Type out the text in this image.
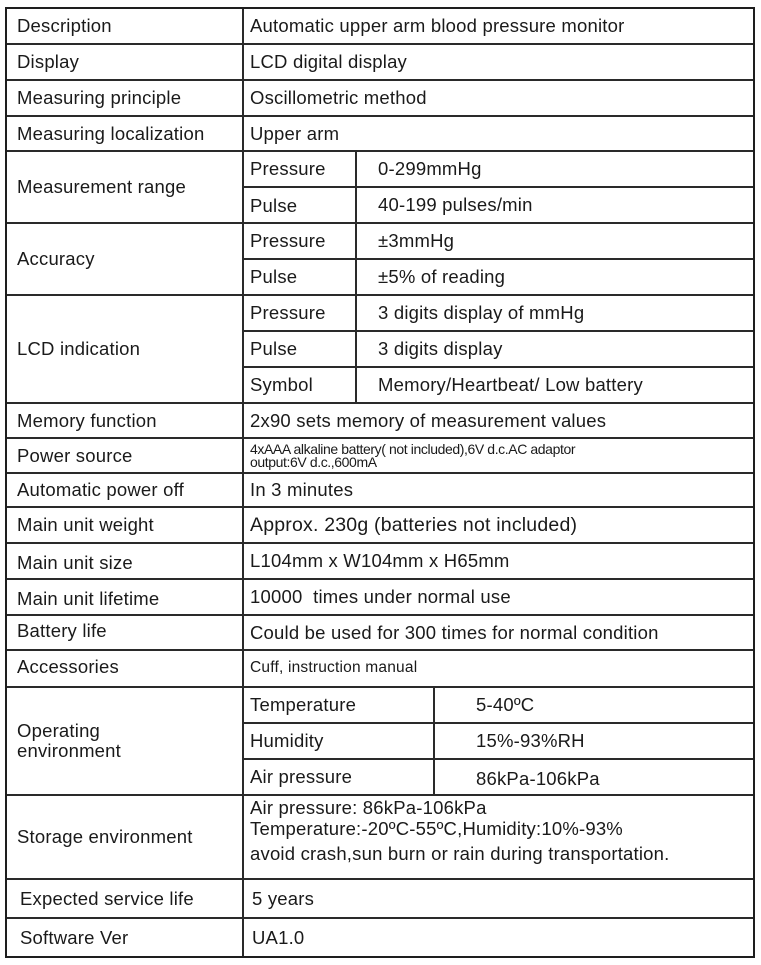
Description	Automatic upper arm blood pressure monitor
Display	LCD digital display
Measuring principle	Oscillometric method
Measuring localization Upper arm
Measurement range
Pressure	0-299mmHg
Pulse	40-199 pulses/min
Accuracy
Pressure	±3mmHg
Pulse	±5% of reading
LCD indication
Pressure	3 digits display of mmHg
Pulse	3 digits display
Symbol	Memory/Heartbeat/ Low battery
Memory function	2x90 sets memory of measurement values
Power source	4xAAA alkaline battery( not included),6V d.c.AC adaptor
output:6V d.c.,600mA
Automatic power off	In 3 minutes
Main unit weight	Approx. 230g (batteries not included)
Main unit size	L104mm x W104mm x H65mm
Main unit lifetime	10000  times under normal use
Battery life	Could be used for 300 times for normal condition
Accessories	Cuff, instruction manual
Operating
environment
Temperature	5-40ºC
Humidity	15%-93%RH
Air pressure	86kPa-106kPa
Storage environment
Air pressure: 86kPa-106kPa
Temperature:-20ºC-55ºC,Humidity:10%-93%
avoid crash,sun burn or rain during transportation.
Expected service life	5 years
Software Ver	UA1.0
